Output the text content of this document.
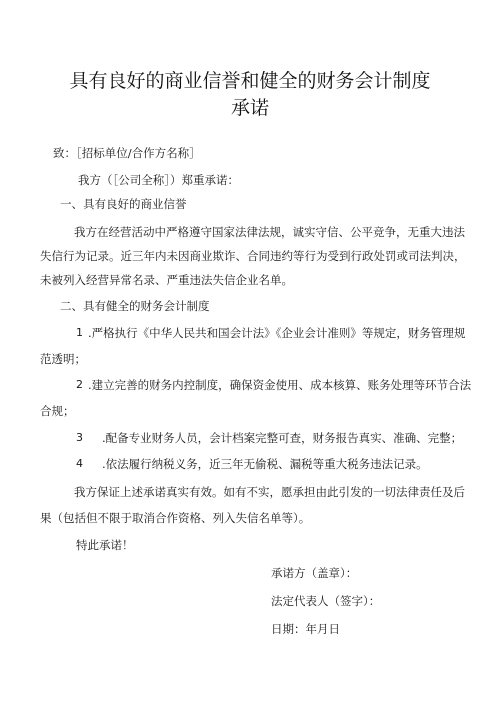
具有良好的商业信誉和健全的财务会计制度
承诺
致：［招标单位/合作方名称］
我方（［公司全称］）郑重承诺：
一、具有良好的商业信誉
我方在经营活动中严格遵守国家法律法规，诚实守信、公平竞争，无重大违法
失信行为记录。近三年内未因商业欺诈、合同违约等行为受到行政处罚或司法判决，
未被列入经营异常名录、严重违法失信企业名单。
二、具有健全的财务会计制度
1 .严格执行《中华人民共和国会计法》《企业会计准则》等规定，财务管理规
范透明；
2 .建立完善的财务内控制度，确保资金使用、成本核算、账务处理等环节合法
合规；
3 .配备专业财务人员，会计档案完整可查，财务报告真实、准确、完整；
4 .依法履行纳税义务，近三年无偷税、漏税等重大税务违法记录。
我方保证上述承诺真实有效。如有不实，愿承担由此引发的一切法律责任及后
果（包括但不限于取消合作资格、列入失信名单等）。
特此承诺！
承诺方（盖章）：
法定代表人（签字）：
日期：年月日
